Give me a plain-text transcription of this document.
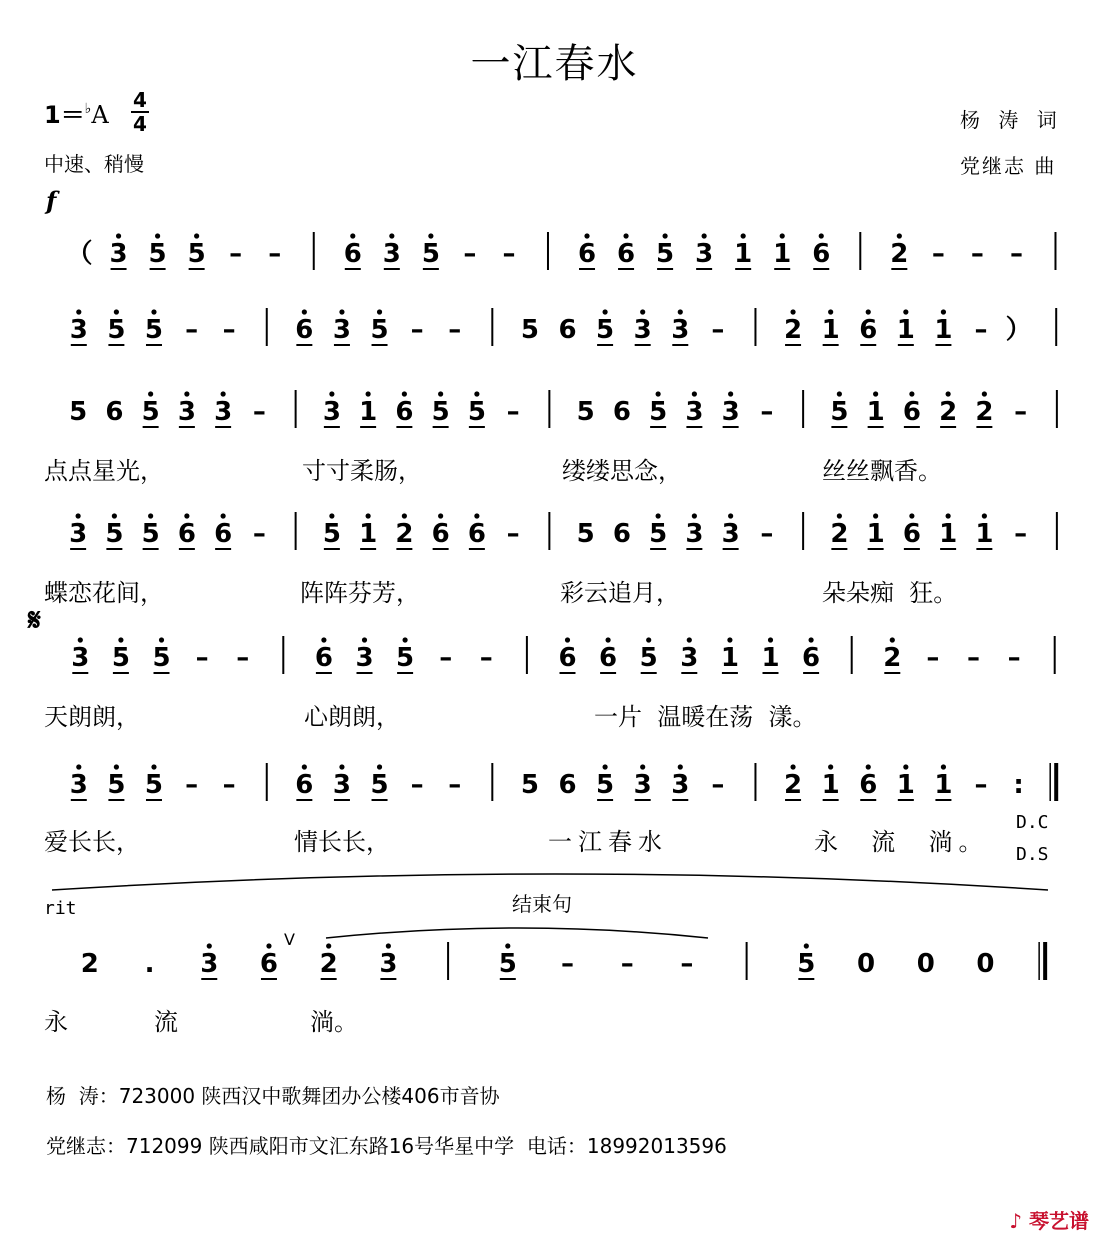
一江春水
1＝♭A
4
4
中速、稍慢
杨 涛 词
党继志 曲
f
𝄋
（ 3 5 5 – – 6 3 5 – – 6 6 5 3 1 1 6 2 – – –
3 5 5 – – 6 3 5 – – 5 6 5 3 3 – 2 1 6 1 1 – ）
5 6 5 3 3 – 3 1 6 5 5 – 5 6 5 3 3 – 5 1 6 2 2 –
3 5 5 6 6 – 5 1 2 6 6 – 5 6 5 3 3 – 2 1 6 1 1 –
3 5 5 – –	6 3 5 – –	6 6 5 3 1 1 6 2 – – –
3 5 5 – – 6 3 5 – – 5 6 5 3 3 – 2 1 6 1 1 – :
2 . 3 6 2 3	5 – – –	5 0 0 0
点点星光，	寸寸柔肠，	缕缕思念，	丝丝飘香。
蝶恋花间，	阵阵芬芳，	彩云追月，	朵朵痴  狂。
天朗朗，	心朗朗，	一片  温暖在荡  漾。
爱长长，	情长长，	一江春水	永  流  淌。
D.C
D.S
rit	结束句
V
永	流	淌。
杨  涛：723000 陕西汉中歌舞团办公楼406市音协
党继志：712099 陕西咸阳市文汇东路16号华星中学  电话：18992013596
♪ 琴艺谱
